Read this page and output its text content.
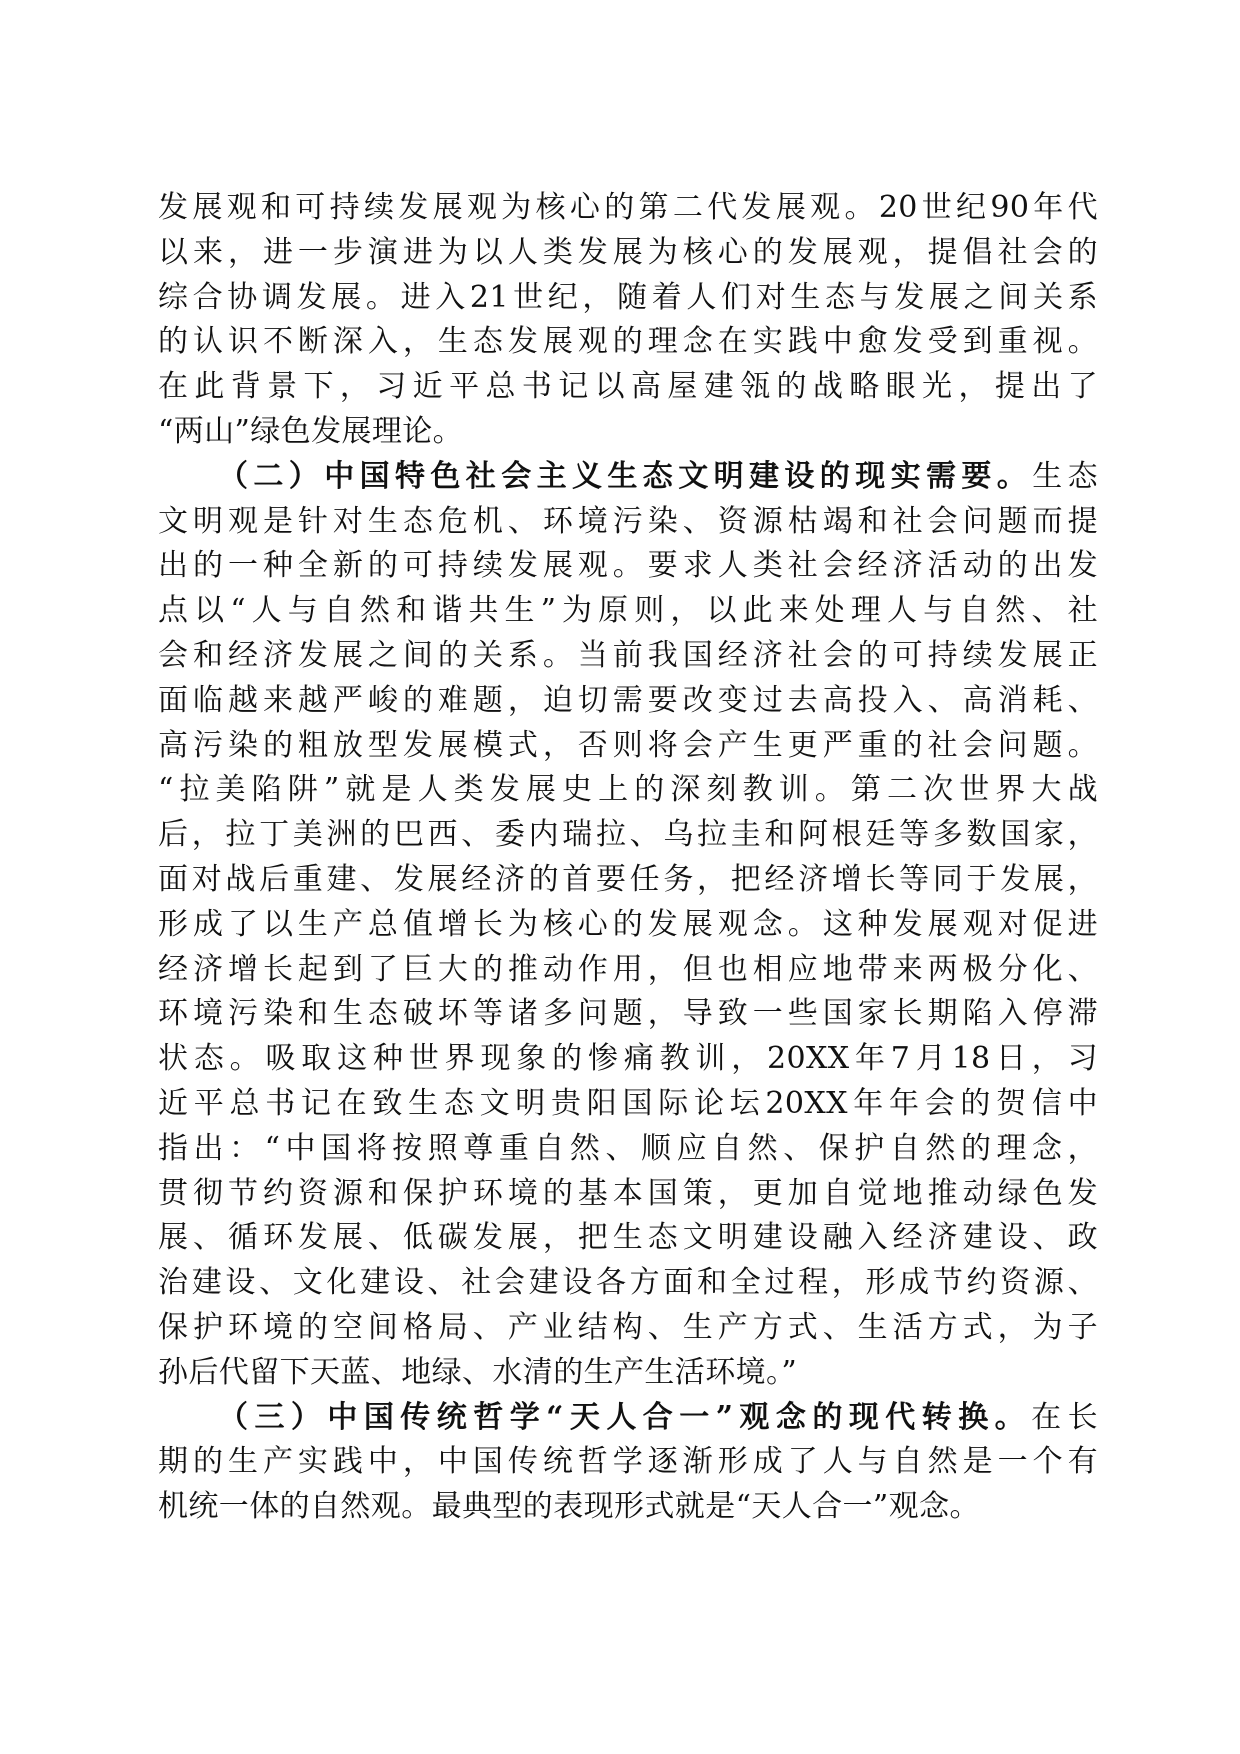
发展观和可持续发展观为核心的第二代发展观。20世纪90年代
以来，进一步演进为以人类发展为核心的发展观，提倡社会的
综合协调发展。进入21世纪，随着人们对生态与发展之间关系
的认识不断深入，生态发展观的理念在实践中愈发受到重视。
在此背景下，习近平总书记以高屋建瓴的战略眼光，提出了
“两山”绿色发展理论。
（二）中国特色社会主义生态文明建设的现实需要。生态
文明观是针对生态危机、环境污染、资源枯竭和社会问题而提
出的一种全新的可持续发展观。要求人类社会经济活动的出发
点以“人与自然和谐共生”为原则，以此来处理人与自然、社
会和经济发展之间的关系。当前我国经济社会的可持续发展正
面临越来越严峻的难题，迫切需要改变过去高投入、高消耗、
高污染的粗放型发展模式，否则将会产生更严重的社会问题。
“拉美陷阱”就是人类发展史上的深刻教训。第二次世界大战
后，拉丁美洲的巴西、委内瑞拉、乌拉圭和阿根廷等多数国家，
面对战后重建、发展经济的首要任务，把经济增长等同于发展，
形成了以生产总值增长为核心的发展观念。这种发展观对促进
经济增长起到了巨大的推动作用，但也相应地带来两极分化、
环境污染和生态破坏等诸多问题，导致一些国家长期陷入停滞
状态。吸取这种世界现象的惨痛教训，20XX年7月18日，习
近平总书记在致生态文明贵阳国际论坛20XX年年会的贺信中
指出：“中国将按照尊重自然、顺应自然、保护自然的理念，
贯彻节约资源和保护环境的基本国策，更加自觉地推动绿色发
展、循环发展、低碳发展，把生态文明建设融入经济建设、政
治建设、文化建设、社会建设各方面和全过程，形成节约资源、
保护环境的空间格局、产业结构、生产方式、生活方式，为子
孙后代留下天蓝、地绿、水清的生产生活环境。”
（三）中国传统哲学“天人合一”观念的现代转换。在长
期的生产实践中，中国传统哲学逐渐形成了人与自然是一个有
机统一体的自然观。最典型的表现形式就是“天人合一”观念。
